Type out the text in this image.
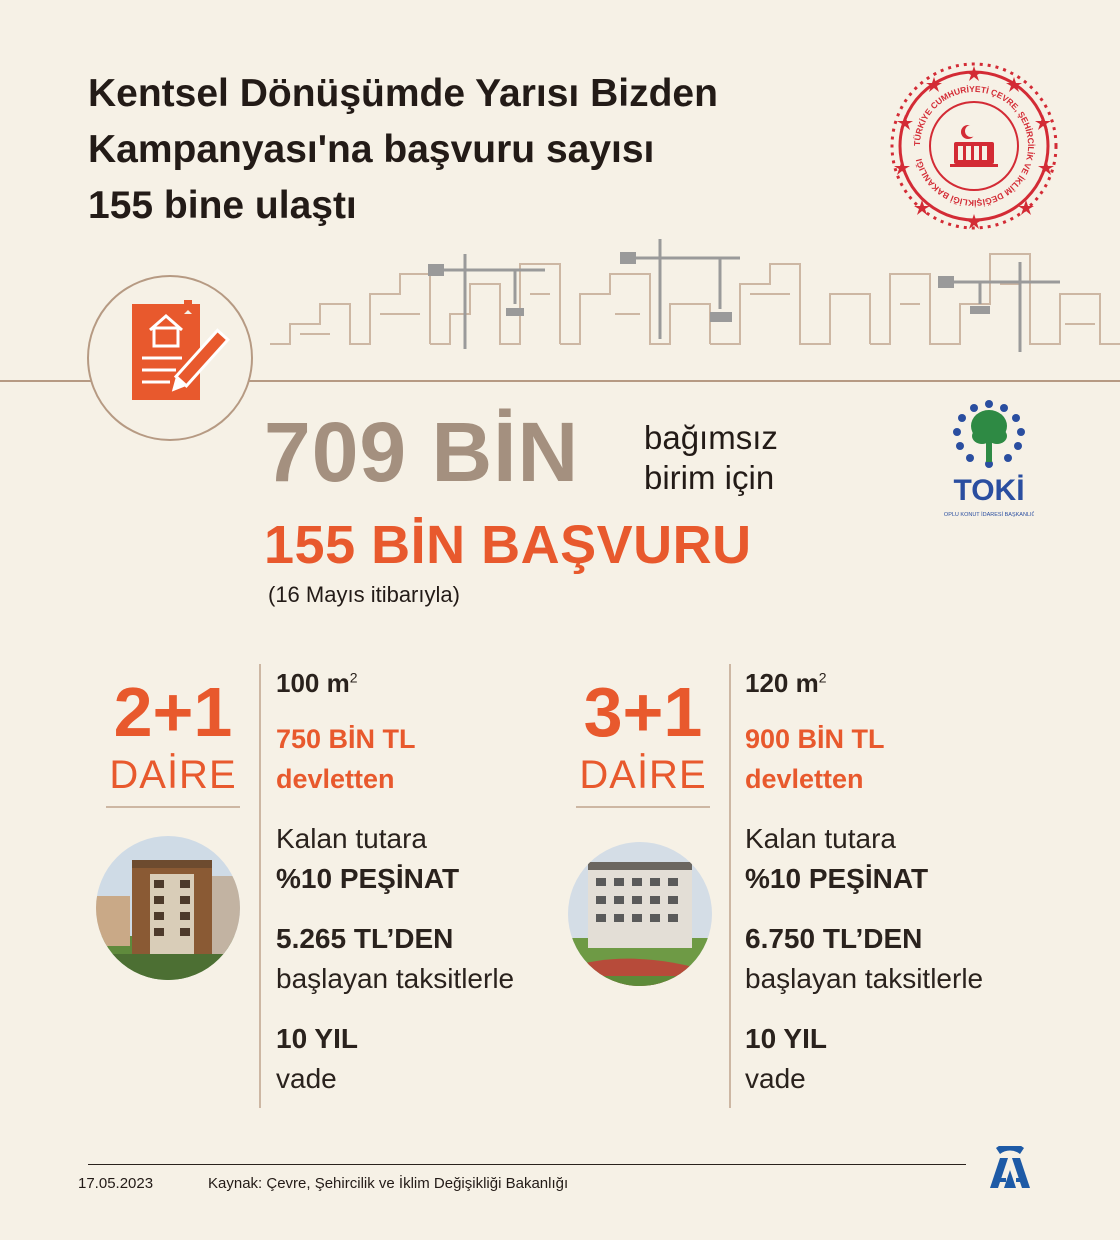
Kentsel Dönüşümde Yarısı Bizden
Kampanyası'na başvuru sayısı
155 bine ulaştı
TÜRKİYE CUMHURİYETİ ÇEVRE, ŞEHİRCİLİK VE İKLİM DEĞİŞİKLİĞİ BAKANLIĞI
709 BİN bağımsız
birim için
155 BİN BAŞVURU
(16 Mayıs itibarıyla)
TOKİ
TOPLU KONUT İDARESİ BAŞKANLIĞI
2+1
DAİRE
100 $m^2$
750 BİN TL
devletten
Kalan tutara
%10 PEŞİNAT
5.265 TL’DEN
başlayan taksitlerle
10 YIL
vade
3+1
DAİRE
120 $m^2$
900 BİN TL
devletten
Kalan tutara
%10 PEŞİNAT
6.750 TL’DEN
başlayan taksitlerle
10 YIL
vade
17.05.2023	Kaynak: Çevre, Şehircilik ve İklim Değişikliği Bakanlığı
